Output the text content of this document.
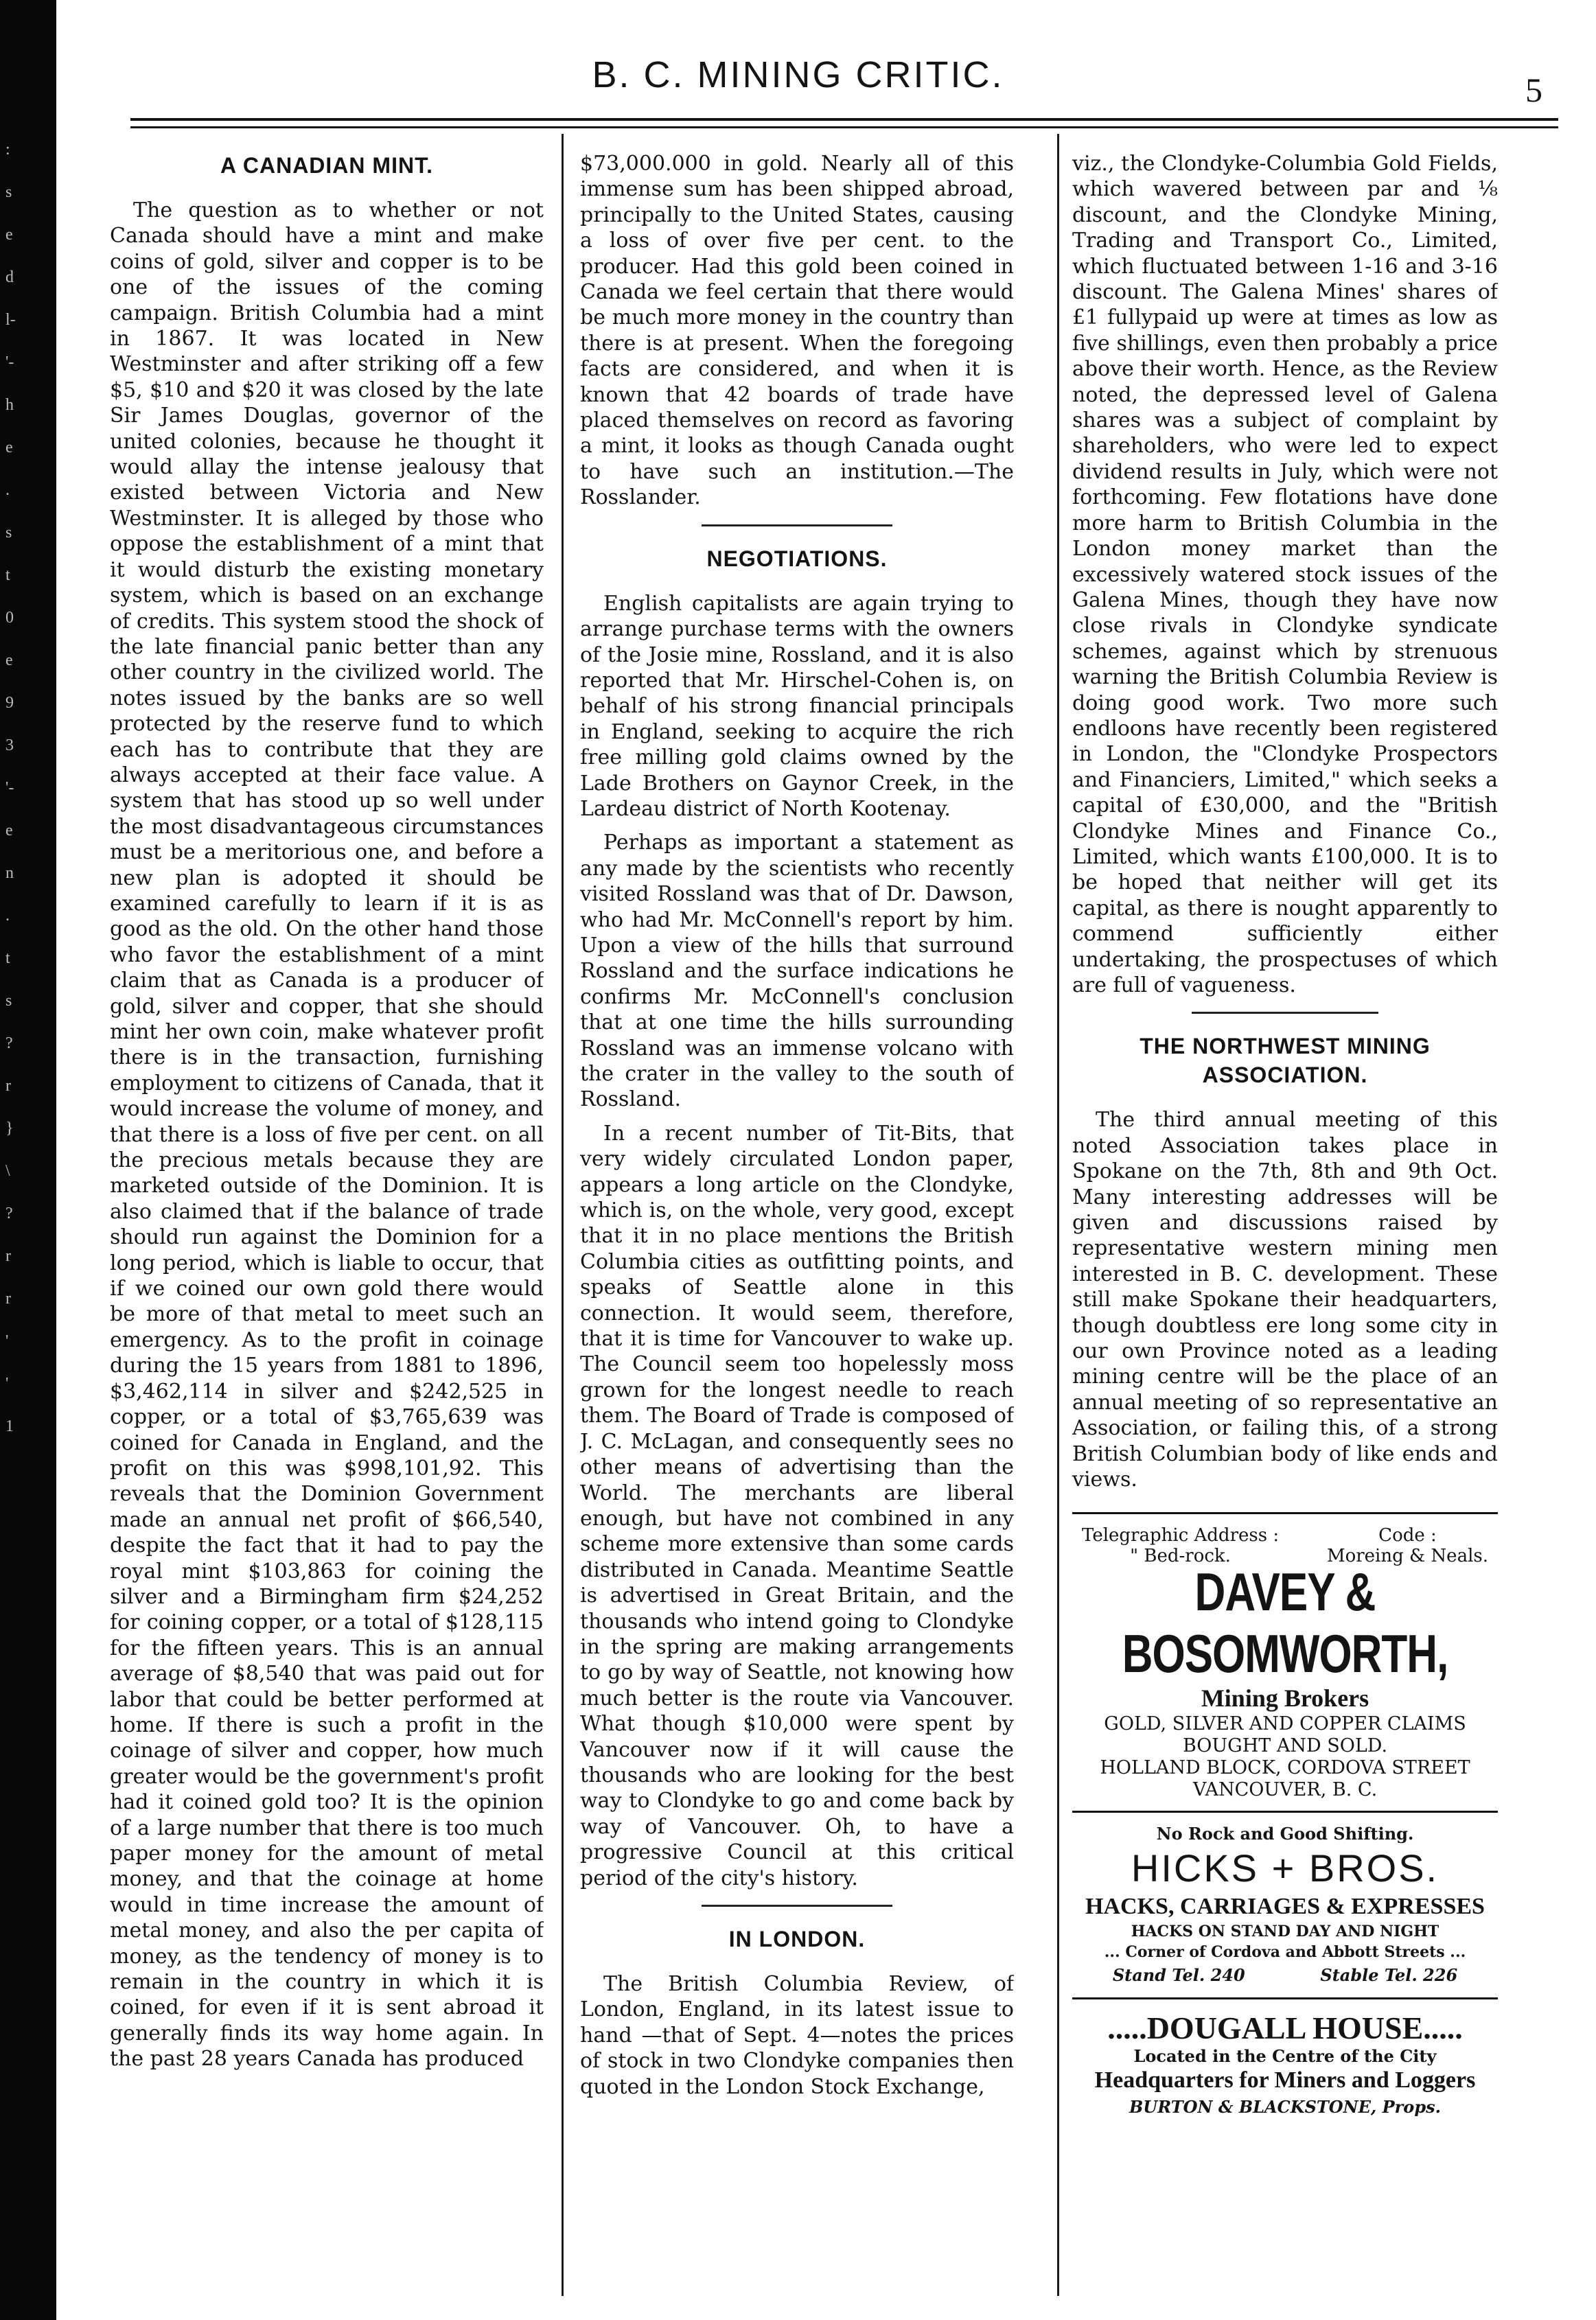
:
s
e
d
l-
'-
h
e
.
s
t
0
e
9
3
'-
e
n
.
t
s
?
r
}
\
?
r
r
'
'
1
B. C. MINING CRITIC.	5
A CANADIAN MINT.

The question as to whether or not Canada should have a mint and make coins of gold, silver and copper is to be one of the issues of the coming campaign. British Columbia had a mint in 1867. It was located in New Westminster and after striking off a few $5, $10 and $20 it was closed by the late Sir James Douglas, governor of the united colonies, because he thought it would allay the intense jealousy that existed between Victoria and New Westminster. It is alleged by those who oppose the establishment of a mint that it would disturb the existing monetary system, which is based on an exchange of credits. This system stood the shock of the late financial panic better than any other country in the civilized world. The notes issued by the banks are so well protected by the reserve fund to which each has to contribute that they are always accepted at their face value. A system that has stood up so well under the most disadvantageous circumstances must be a meritorious one, and before a new plan is adopted it should be examined carefully to learn if it is as good as the old. On the other hand those who favor the establishment of a mint claim that as Canada is a producer of gold, silver and copper, that she should mint her own coin, make whatever profit there is in the transaction, furnishing employment to citizens of Canada, that it would increase the volume of money, and that there is a loss of five per cent. on all the precious metals because they are marketed outside of the Dominion. It is also claimed that if the balance of trade should run against the Dominion for a long period, which is liable to occur, that if we coined our own gold there would be more of that metal to meet such an emergency. As to the profit in coinage during the 15 years from 1881 to 1896, $3,462,114 in silver and $242,525 in copper, or a total of $3,765,639 was coined for Canada in England, and the profit on this was $998,101,92. This reveals that the Dominion Government made an annual net profit of $66,540, despite the fact that it had to pay the royal mint $103,863 for coining the silver and a Birmingham firm $24,252 for coining copper, or a total of $128,115 for the fifteen years. This is an annual average of $8,540 that was paid out for labor that could be better performed at home. If there is such a profit in the coinage of silver and copper, how much greater would be the government's profit had it coined gold too? It is the opinion of a large number that there is too much paper money for the amount of metal money, and that the coinage at home would in time increase the amount of metal money, and also the per capita of money, as the tendency of money is to remain in the country in which it is coined, for even if it is sent abroad it generally finds its way home again. In the past 28 years Canada has produced

$73,000.000 in gold. Nearly all of this immense sum has been shipped abroad, principally to the United States, causing a loss of over five per cent. to the producer. Had this gold been coined in Canada we feel certain that there would be much more money in the country than there is at present. When the foregoing facts are considered, and when it is known that 42 boards of trade have placed themselves on record as favoring a mint, it looks as though Canada ought to have such an institution.—The Rosslander.

NEGOTIATIONS.

English capitalists are again trying to arrange purchase terms with the owners of the Josie mine, Rossland, and it is also reported that Mr. Hirschel-Cohen is, on behalf of his strong financial principals in England, seeking to acquire the rich free milling gold claims owned by the Lade Brothers on Gaynor Creek, in the Lardeau district of North Kootenay.

Perhaps as important a statement as any made by the scientists who recently visited Rossland was that of Dr. Dawson, who had Mr. McConnell's report by him. Upon a view of the hills that surround Rossland and the surface indications he confirms Mr. McConnell's conclusion that at one time the hills surrounding Rossland was an immense volcano with the crater in the valley to the south of Rossland.

In a recent number of Tit-Bits, that very widely circulated London paper, appears a long article on the Clondyke, which is, on the whole, very good, except that it in no place mentions the British Columbia cities as outfitting points, and speaks of Seattle alone in this connection. It would seem, therefore, that it is time for Vancouver to wake up. The Council seem too hopelessly moss grown for the longest needle to reach them. The Board of Trade is composed of J. C. McLagan, and consequently sees no other means of advertising than the World. The merchants are liberal enough, but have not combined in any scheme more extensive than some cards distributed in Canada. Meantime Seattle is advertised in Great Britain, and the thousands who intend going to Clondyke in the spring are making arrangements to go by way of Seattle, not knowing how much better is the route via Vancouver. What though $10,000 were spent by Vancouver now if it will cause the thousands who are looking for the best way to Clondyke to go and come back by way of Vancouver. Oh, to have a progressive Council at this critical period of the city's history.

IN LONDON.

The British Columbia Review, of London, England, in its latest issue to hand —that of Sept. 4—notes the prices of stock in two Clondyke companies then quoted in the London Stock Exchange,

viz., the Clondyke-Columbia Gold Fields, which wavered between par and ⅛ discount, and the Clondyke Mining, Trading and Transport Co., Limited, which fluctuated between 1-16 and 3-16 discount. The Galena Mines' shares of £1 fullypaid up were at times as low as five shillings, even then probably a price above their worth. Hence, as the Review noted, the depressed level of Galena shares was a subject of complaint by shareholders, who were led to expect dividend results in July, which were not forthcoming. Few flotations have done more harm to British Columbia in the London money market than the excessively watered stock issues of the Galena Mines, though they have now close rivals in Clondyke syndicate schemes, against which by strenuous warning the British Columbia Review is doing good work. Two more such endloons have recently been registered in London, the "Clondyke Prospectors and Financiers, Limited," which seeks a capital of £30,000, and the "British Clondyke Mines and Finance Co., Limited, which wants £100,000. It is to be hoped that neither will get its capital, as there is nought apparently to commend sufficiently either undertaking, the prospectuses of which are full of vagueness.

THE NORTHWEST MINING ASSOCIATION.

The third annual meeting of this noted Association takes place in Spokane on the 7th, 8th and 9th Oct. Many interesting addresses will be given and discussions raised by representative western mining men interested in B. C. development. These still make Spokane their headquarters, though doubtless ere long some city in our own Province noted as a leading mining centre will be the place of an annual meeting of so representative an Association, or failing this, of a strong British Columbian body of like ends and views.

Telegraphic Address :
" Bed-rock.
Code :
Moreing & Neals.
DAVEY & BOSOMWORTH,
Mining Brokers
GOLD, SILVER AND COPPER CLAIMS
BOUGHT AND SOLD.
HOLLAND BLOCK, CORDOVA STREET
VANCOUVER, B. C.
No Rock and Good Shifting.
HICKS + BROS.
HACKS, CARRIAGES & EXPRESSES
HACKS ON STAND DAY AND NIGHT
... Corner of Cordova and Abbott Streets ...
Stand Tel. 240	Stable Tel. 226
.....DOUGALL HOUSE.....
Located in the Centre of the City
Headquarters for Miners and Loggers
BURTON & BLACKSTONE, Props.
